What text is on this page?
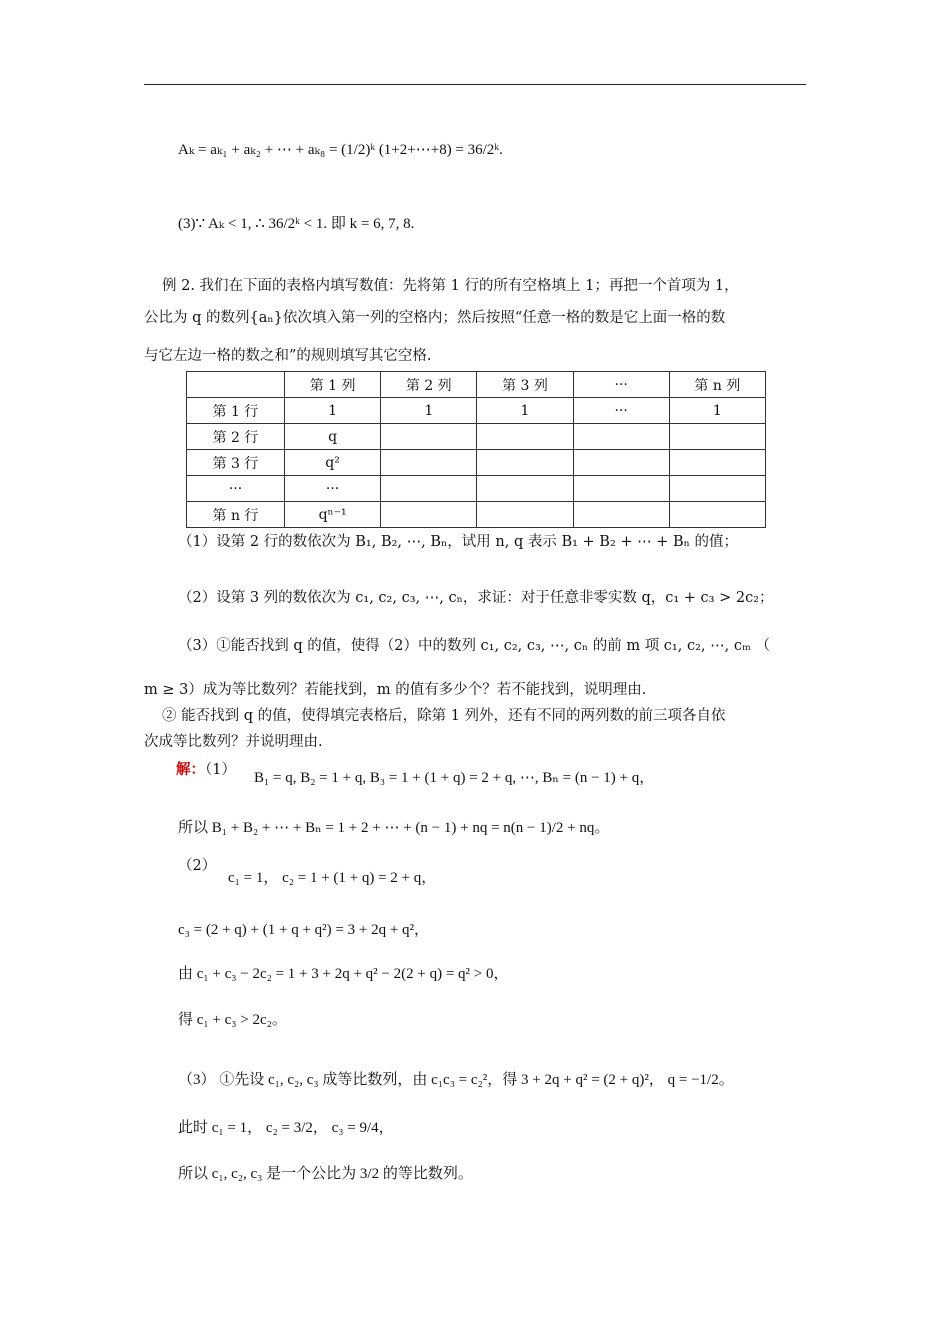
Aₖ = aₖ₁ + aₖ₂ + ⋯ + aₖ₈ = (1/2)ᵏ (1+2+⋯+8) = 36/2ᵏ.
(3)∵ Aₖ < 1, ∴ 36/2ᵏ < 1. 即 k = 6, 7, 8.
例 2. 我们在下面的表格内填写数值：先将第 1 行的所有空格填上 1；再把一个首项为 1，
公比为 q 的数列{aₙ}依次填入第一列的空格内；然后按照“任意一格的数是它上面一格的数
与它左边一格的数之和”的规则填写其它空格.
	第 1 列	第 2 列	第 3 列	···	第 n 列
第 1 行	1	1	1	···	1
第 2 行	q				
第 3 行	q²				
···	···				
第 n 行	qⁿ⁻¹				
（1）设第 2 行的数依次为 B₁, B₂, ⋯, Bₙ，试用 n, q 表示 B₁ + B₂ + ⋯ + Bₙ 的值；
（2）设第 3 列的数依次为 c₁, c₂, c₃, ⋯, cₙ，求证：对于任意非零实数 q，c₁ + c₃ > 2c₂；
（3）①能否找到 q 的值，使得（2）中的数列 c₁, c₂, c₃, ⋯, cₙ 的前 m 项 c₁, c₂, ⋯, cₘ （
m ≥ 3）成为等比数列？若能找到，m 的值有多少个？若不能找到，说明理由.
② 能否找到 q 的值，使得填完表格后，除第 1 列外，还有不同的两列数的前三项各自依
次成等比数列？并说明理由.
解：（1） B₁ = q, B₂ = 1 + q, B₃ = 1 + (1 + q) = 2 + q, ⋯, Bₙ = (n − 1) + q，
所以 B₁ + B₂ + ⋯ + Bₙ = 1 + 2 + ⋯ + (n − 1) + nq = n(n − 1)/2 + nq。
（2）
c₁ = 1， c₂ = 1 + (1 + q) = 2 + q，
c₃ = (2 + q) + (1 + q + q²) = 3 + 2q + q²，
由 c₁ + c₃ − 2c₂ = 1 + 3 + 2q + q² − 2(2 + q) = q² > 0，
得 c₁ + c₃ > 2c₂。
（3） ①先设 c₁, c₂, c₃ 成等比数列，由 c₁c₃ = c₂²，得 3 + 2q + q² = (2 + q)²， q = −1/2。
此时 c₁ = 1， c₂ = 3/2， c₃ = 9/4，
所以 c₁, c₂, c₃ 是一个公比为 3/2 的等比数列。
